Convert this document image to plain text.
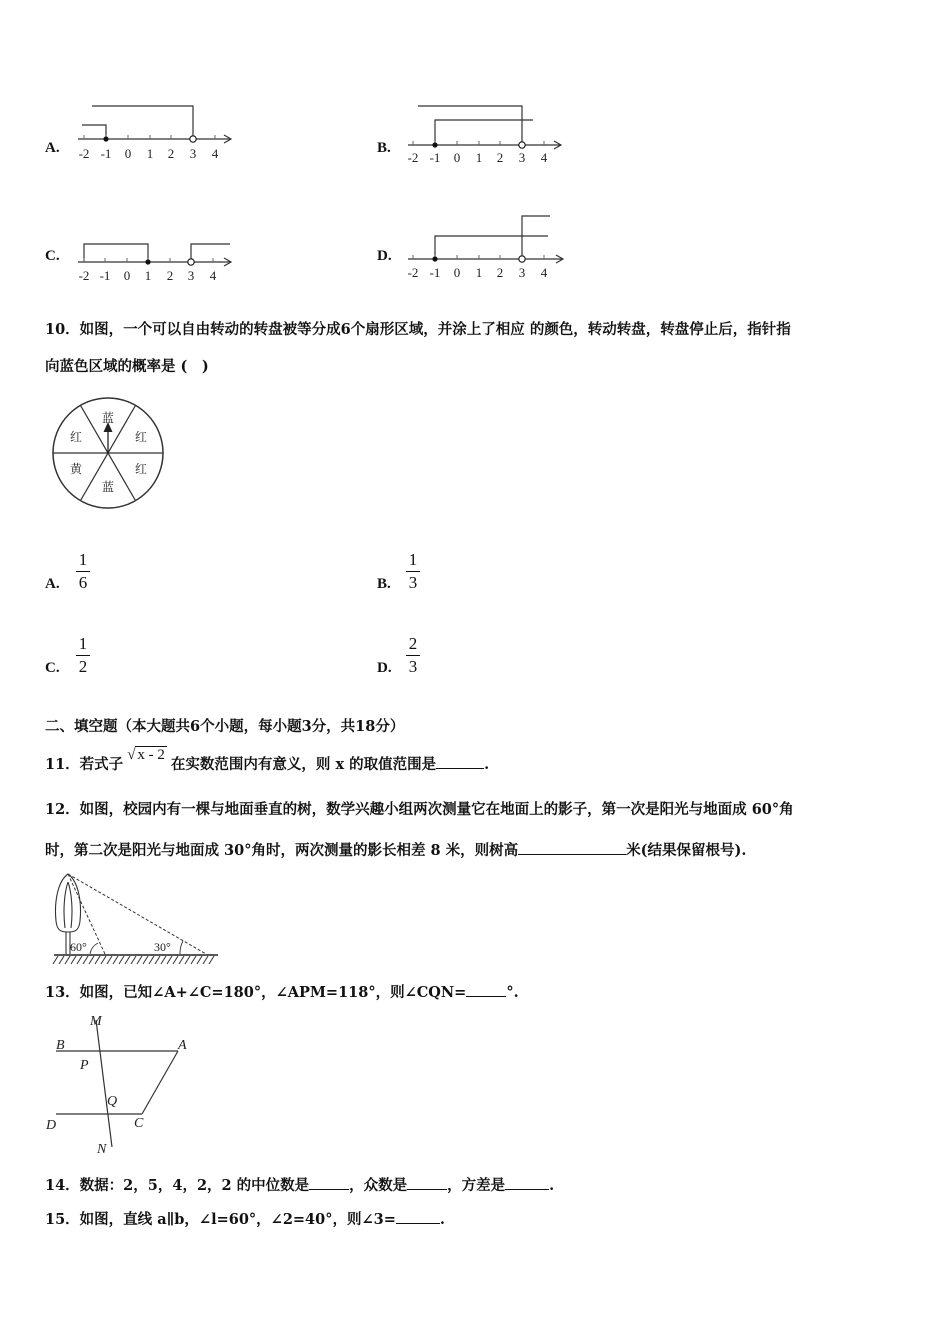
A.	B.
C.	D.
-2 -1 0 1 2 3 4	-2 -1 0 1 2 3 4
-2 -1 0 1 2 3 4	-2 -1 0 1 2 3 4
10．如图，一个可以自由转动的转盘被等分成6个扇形区域，并涂上了相应 的颜色，转动转盘，转盘停止后，指针指
向蓝色区域的概率是 (　)
蓝
红
红
蓝
黄
红
A.
1
6	B.
1
3
C.
1
2	D.
2
3
二、填空题（本大题共6个小题，每小题3分，共18分）
11．若式子√ x - 2在实数范围内有意义，则 x 的取值范围是	.
12．如图，校园内有一棵与地面垂直的树，数学兴趣小组两次测量它在地面上的影子，第一次是阳光与地面成 60°角
时，第二次是阳光与地面成 30°角时，两次测量的影长相差 8 米，则树高	米(结果保留根号).
60°	30°
13．如图，已知∠A+∠C=180°，∠APM=118°，则∠CQN=	°.
M
B	A
P
Q
D	C
N
14．数据：2，5，4，2，2 的中位数是	，众数是	，方差是	.
15．如图，直线 a∥b，∠l=60°，∠2=40°，则∠3=	.
